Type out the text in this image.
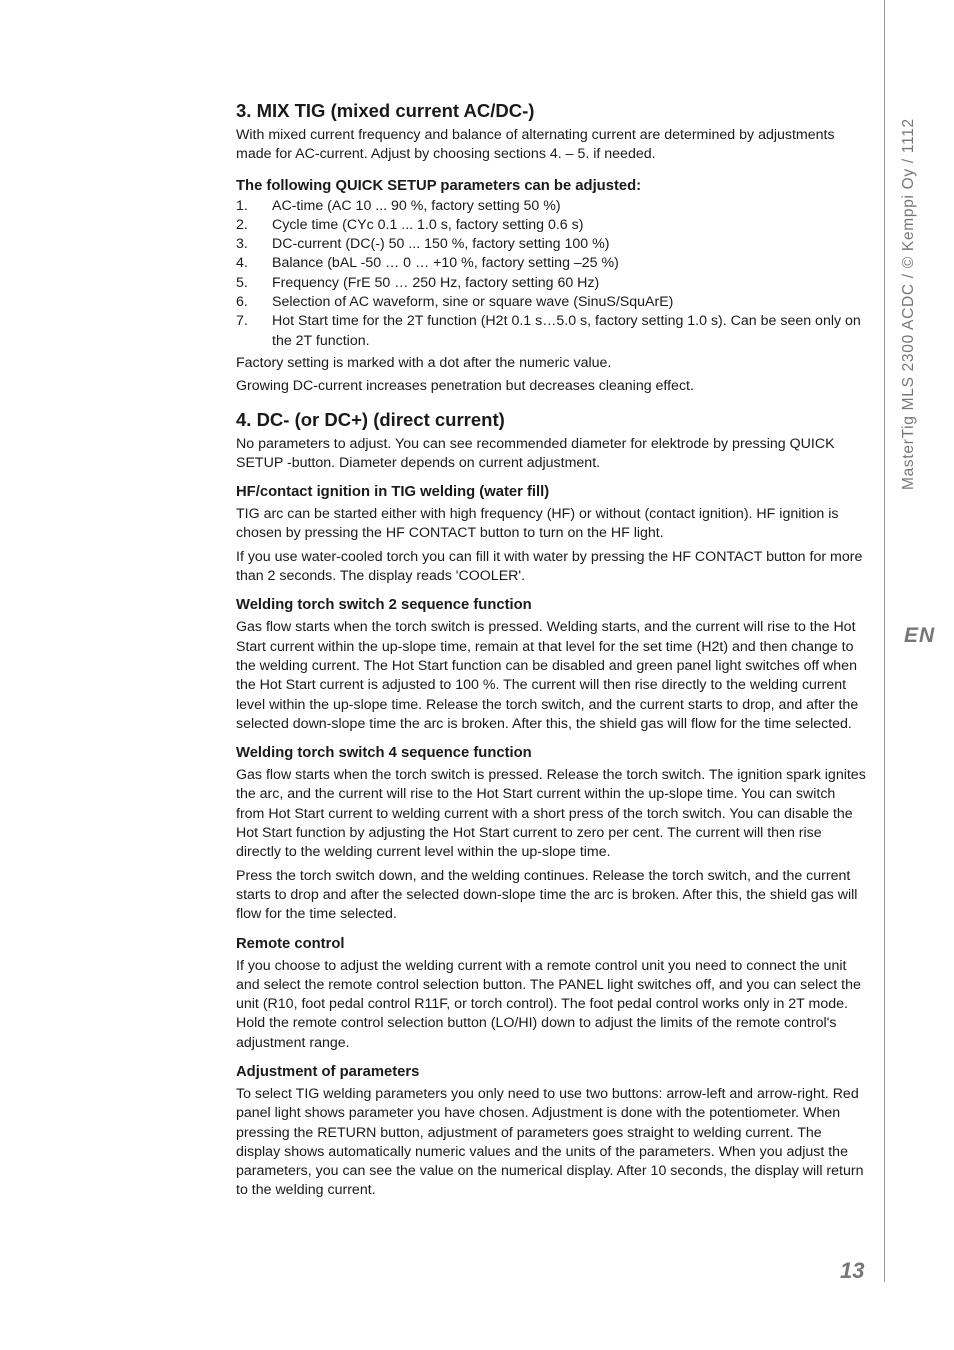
3. MIX TIG (mixed current AC/DC-)

With mixed current frequency and balance of alternating current are determined by adjustments made for AC-current. Adjust by choosing sections 4. – 5. if needed.

The following QUICK SETUP parameters can be adjusted:
1. AC-time (AC 10 ... 90 %, factory setting 50 %)
2. Cycle time (CYc 0.1 ... 1.0 s, factory setting 0.6 s)
3. DC-current (DC(-) 50 ... 150 %, factory setting 100 %)
4. Balance (bAL -50 … 0 … +10 %, factory setting –25 %)
5. Frequency (FrE 50 … 250 Hz, factory setting 60 Hz)
6. Selection of AC waveform, sine or square wave (SinuS/SquArE)
7. Hot Start time for the 2T function (H2t 0.1 s…5.0 s, factory setting 1.0 s). Can be seen only on the 2T function.

Factory setting is marked with a dot after the numeric value.

Growing DC-current increases penetration but decreases cleaning effect.

4. DC- (or DC+) (direct current)

No parameters to adjust. You can see recommended diameter for elektrode by pressing QUICK SETUP -button. Diameter depends on current adjustment.

HF/contact ignition in TIG welding (water fill)

TIG arc can be started either with high frequency (HF) or without (contact ignition). HF ignition is chosen by pressing the HF CONTACT button to turn on the HF light.

If you use water-cooled torch you can fill it with water by pressing the HF CONTACT button for more than 2 seconds. The display reads 'COOLER'.

Welding torch switch 2 sequence function

Gas flow starts when the torch switch is pressed. Welding starts, and the current will rise to the Hot Start current within the up-slope time, remain at that level for the set time (H2t) and then change to the welding current. The Hot Start function can be disabled and green panel light switches off when the Hot Start current is adjusted to 100 %. The current will then rise directly to the welding current level within the up-slope time. Release the torch switch, and the current starts to drop, and after the selected down-slope time the arc is broken. After this, the shield gas will flow for the time selected.

Welding torch switch 4 sequence function

Gas flow starts when the torch switch is pressed. Release the torch switch. The ignition spark ignites the arc, and the current will rise to the Hot Start current within the up-slope time. You can switch from Hot Start current to welding current with a short press of the torch switch. You can disable the Hot Start function by adjusting the Hot Start current to zero per cent. The current will then rise directly to the welding current level within the up-slope time.

Press the torch switch down, and the welding continues. Release the torch switch, and the current starts to drop and after the selected down-slope time the arc is broken. After this, the shield gas will flow for the time selected.

Remote control

If you choose to adjust the welding current with a remote control unit you need to connect the unit and select the remote control selection button. The PANEL light switches off, and you can select the unit (R10, foot pedal control R11F, or torch control). The foot pedal control works only in 2T mode. Hold the remote control selection button (LO/HI) down to adjust the limits of the remote control's adjustment range.

Adjustment of parameters

To select TIG welding parameters you only need to use two buttons: arrow-left and arrow-right. Red panel light shows parameter you have chosen. Adjustment is done with the potentiometer. When pressing the RETURN button, adjustment of parameters goes straight to welding current. The display shows automatically numeric values and the units of the parameters. When you adjust the parameters, you can see the value on the numerical display. After 10 seconds, the display will return to the welding current.

MasterTig MLS 2300 ACDC / © Kemppi Oy / 1112
EN
13
